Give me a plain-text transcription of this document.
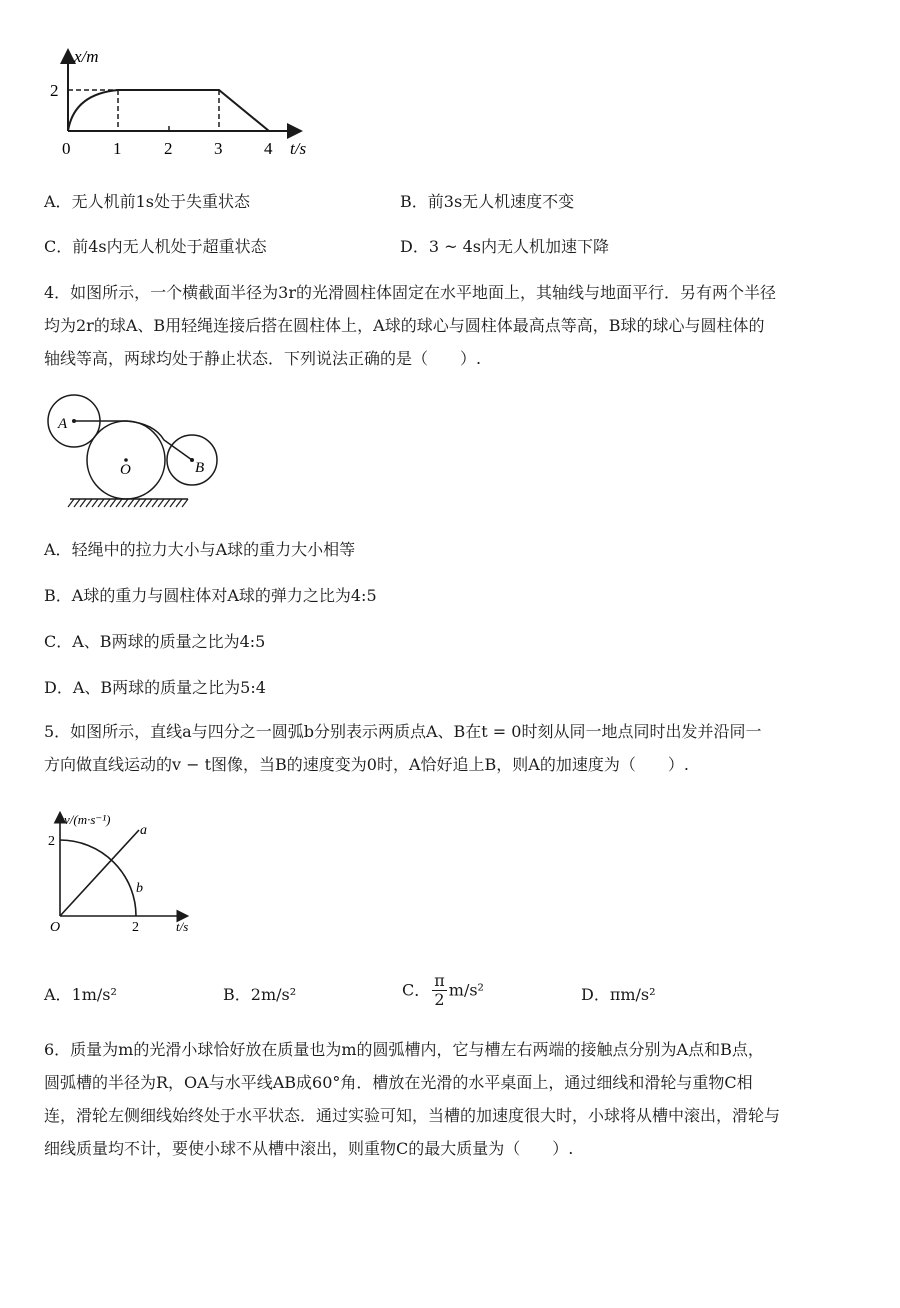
x/m
2
0	1	2 3 4 t/s
A．无人机前1s处于失重状态	B．前3s无人机速度不变
C．前4s内无人机处于超重状态	D．3 ~ 4s内无人机加速下降
4．如图所示，一个横截面半径为3r的光滑圆柱体固定在水平地面上，其轴线与地面平行．另有两个半径
均为2r的球A、B用轻绳连接后搭在圆柱体上，A球的球心与圆柱体最高点等高，B球的球心与圆柱体的
轴线等高，两球均处于静止状态．下列说法正确的是（　　）.
A
O	B
A．轻绳中的拉力大小与A球的重力大小相等
B．A球的重力与圆柱体对A球的弹力之比为4:5
C．A、B两球的质量之比为4:5
D．A、B两球的质量之比为5:4
5．如图所示，直线a与四分之一圆弧b分别表示两质点A、B在t = 0时刻从同一地点同时出发并沿同一
方向做直线运动的v − t图像，当B的速度变为0时，A恰好追上B，则A的加速度为（　　）.
v/(m·s⁻¹)
2
2
O	t/s
a
b
A．1m/s²	B．2m/s²	C． $\frac{\pi}{2} m/s^2$	D．πm/s²
6．质量为m的光滑小球恰好放在质量也为m的圆弧槽内，它与槽左右两端的接触点分别为A点和B点，
圆弧槽的半径为R，OA与水平线AB成60°角．槽放在光滑的水平桌面上，通过细线和滑轮与重物C相
连，滑轮左侧细线始终处于水平状态．通过实验可知，当槽的加速度很大时，小球将从槽中滚出，滑轮与
细线质量均不计，要使小球不从槽中滚出，则重物C的最大质量为（　　）.
